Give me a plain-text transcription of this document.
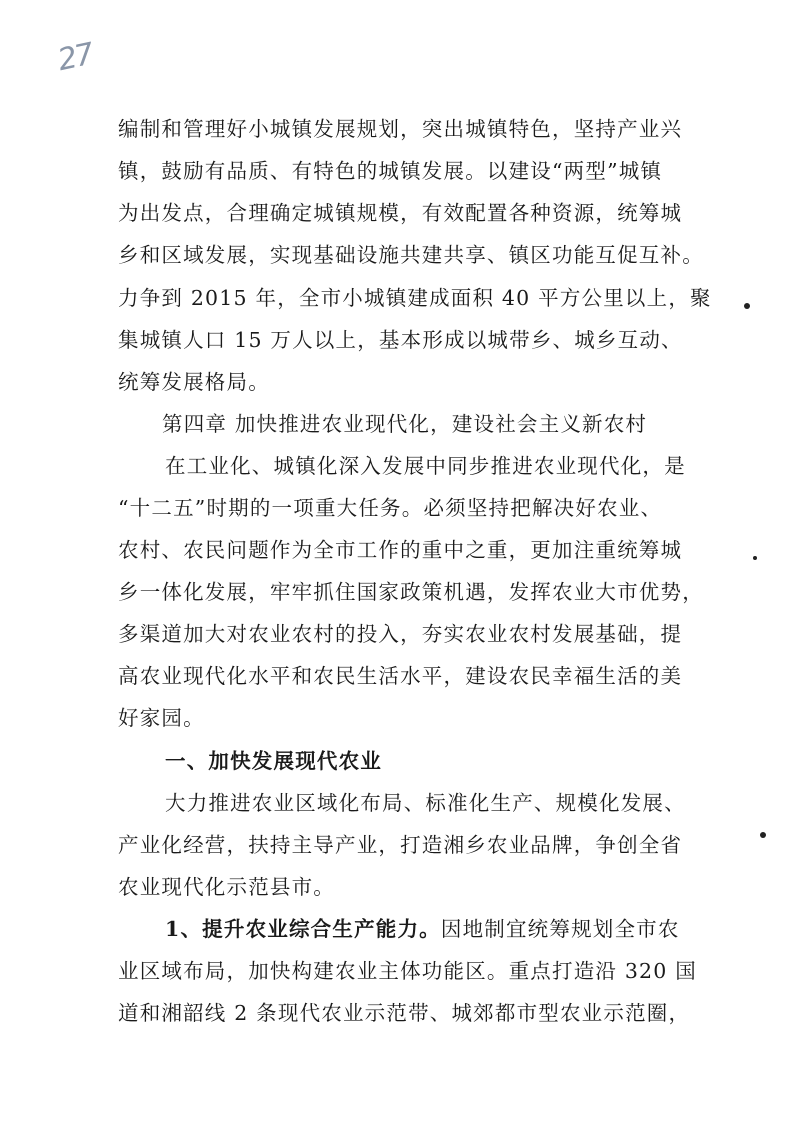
27
编制和管理好小城镇发展规划，突出城镇特色，坚持产业兴
镇，鼓励有品质、有特色的城镇发展。以建设“两型”城镇
为出发点，合理确定城镇规模，有效配置各种资源，统筹城
乡和区域发展，实现基础设施共建共享、镇区功能互促互补。
力争到 2015 年，全市小城镇建成面积 40 平方公里以上，聚
集城镇人口 15 万人以上，基本形成以城带乡、城乡互动、
统筹发展格局。
第四章 加快推进农业现代化，建设社会主义新农村
在工业化、城镇化深入发展中同步推进农业现代化，是
“十二五”时期的一项重大任务。必须坚持把解决好农业、
农村、农民问题作为全市工作的重中之重，更加注重统筹城
乡一体化发展，牢牢抓住国家政策机遇，发挥农业大市优势，
多渠道加大对农业农村的投入，夯实农业农村发展基础，提
高农业现代化水平和农民生活水平，建设农民幸福生活的美
好家园。
一、加快发展现代农业
大力推进农业区域化布局、标准化生产、规模化发展、
产业化经营，扶持主导产业，打造湘乡农业品牌，争创全省
农业现代化示范县市。
1、提升农业综合生产能力。因地制宜统筹规划全市农
业区域布局，加快构建农业主体功能区。重点打造沿 320 国
道和湘韶线 2 条现代农业示范带、城郊都市型农业示范圈，
